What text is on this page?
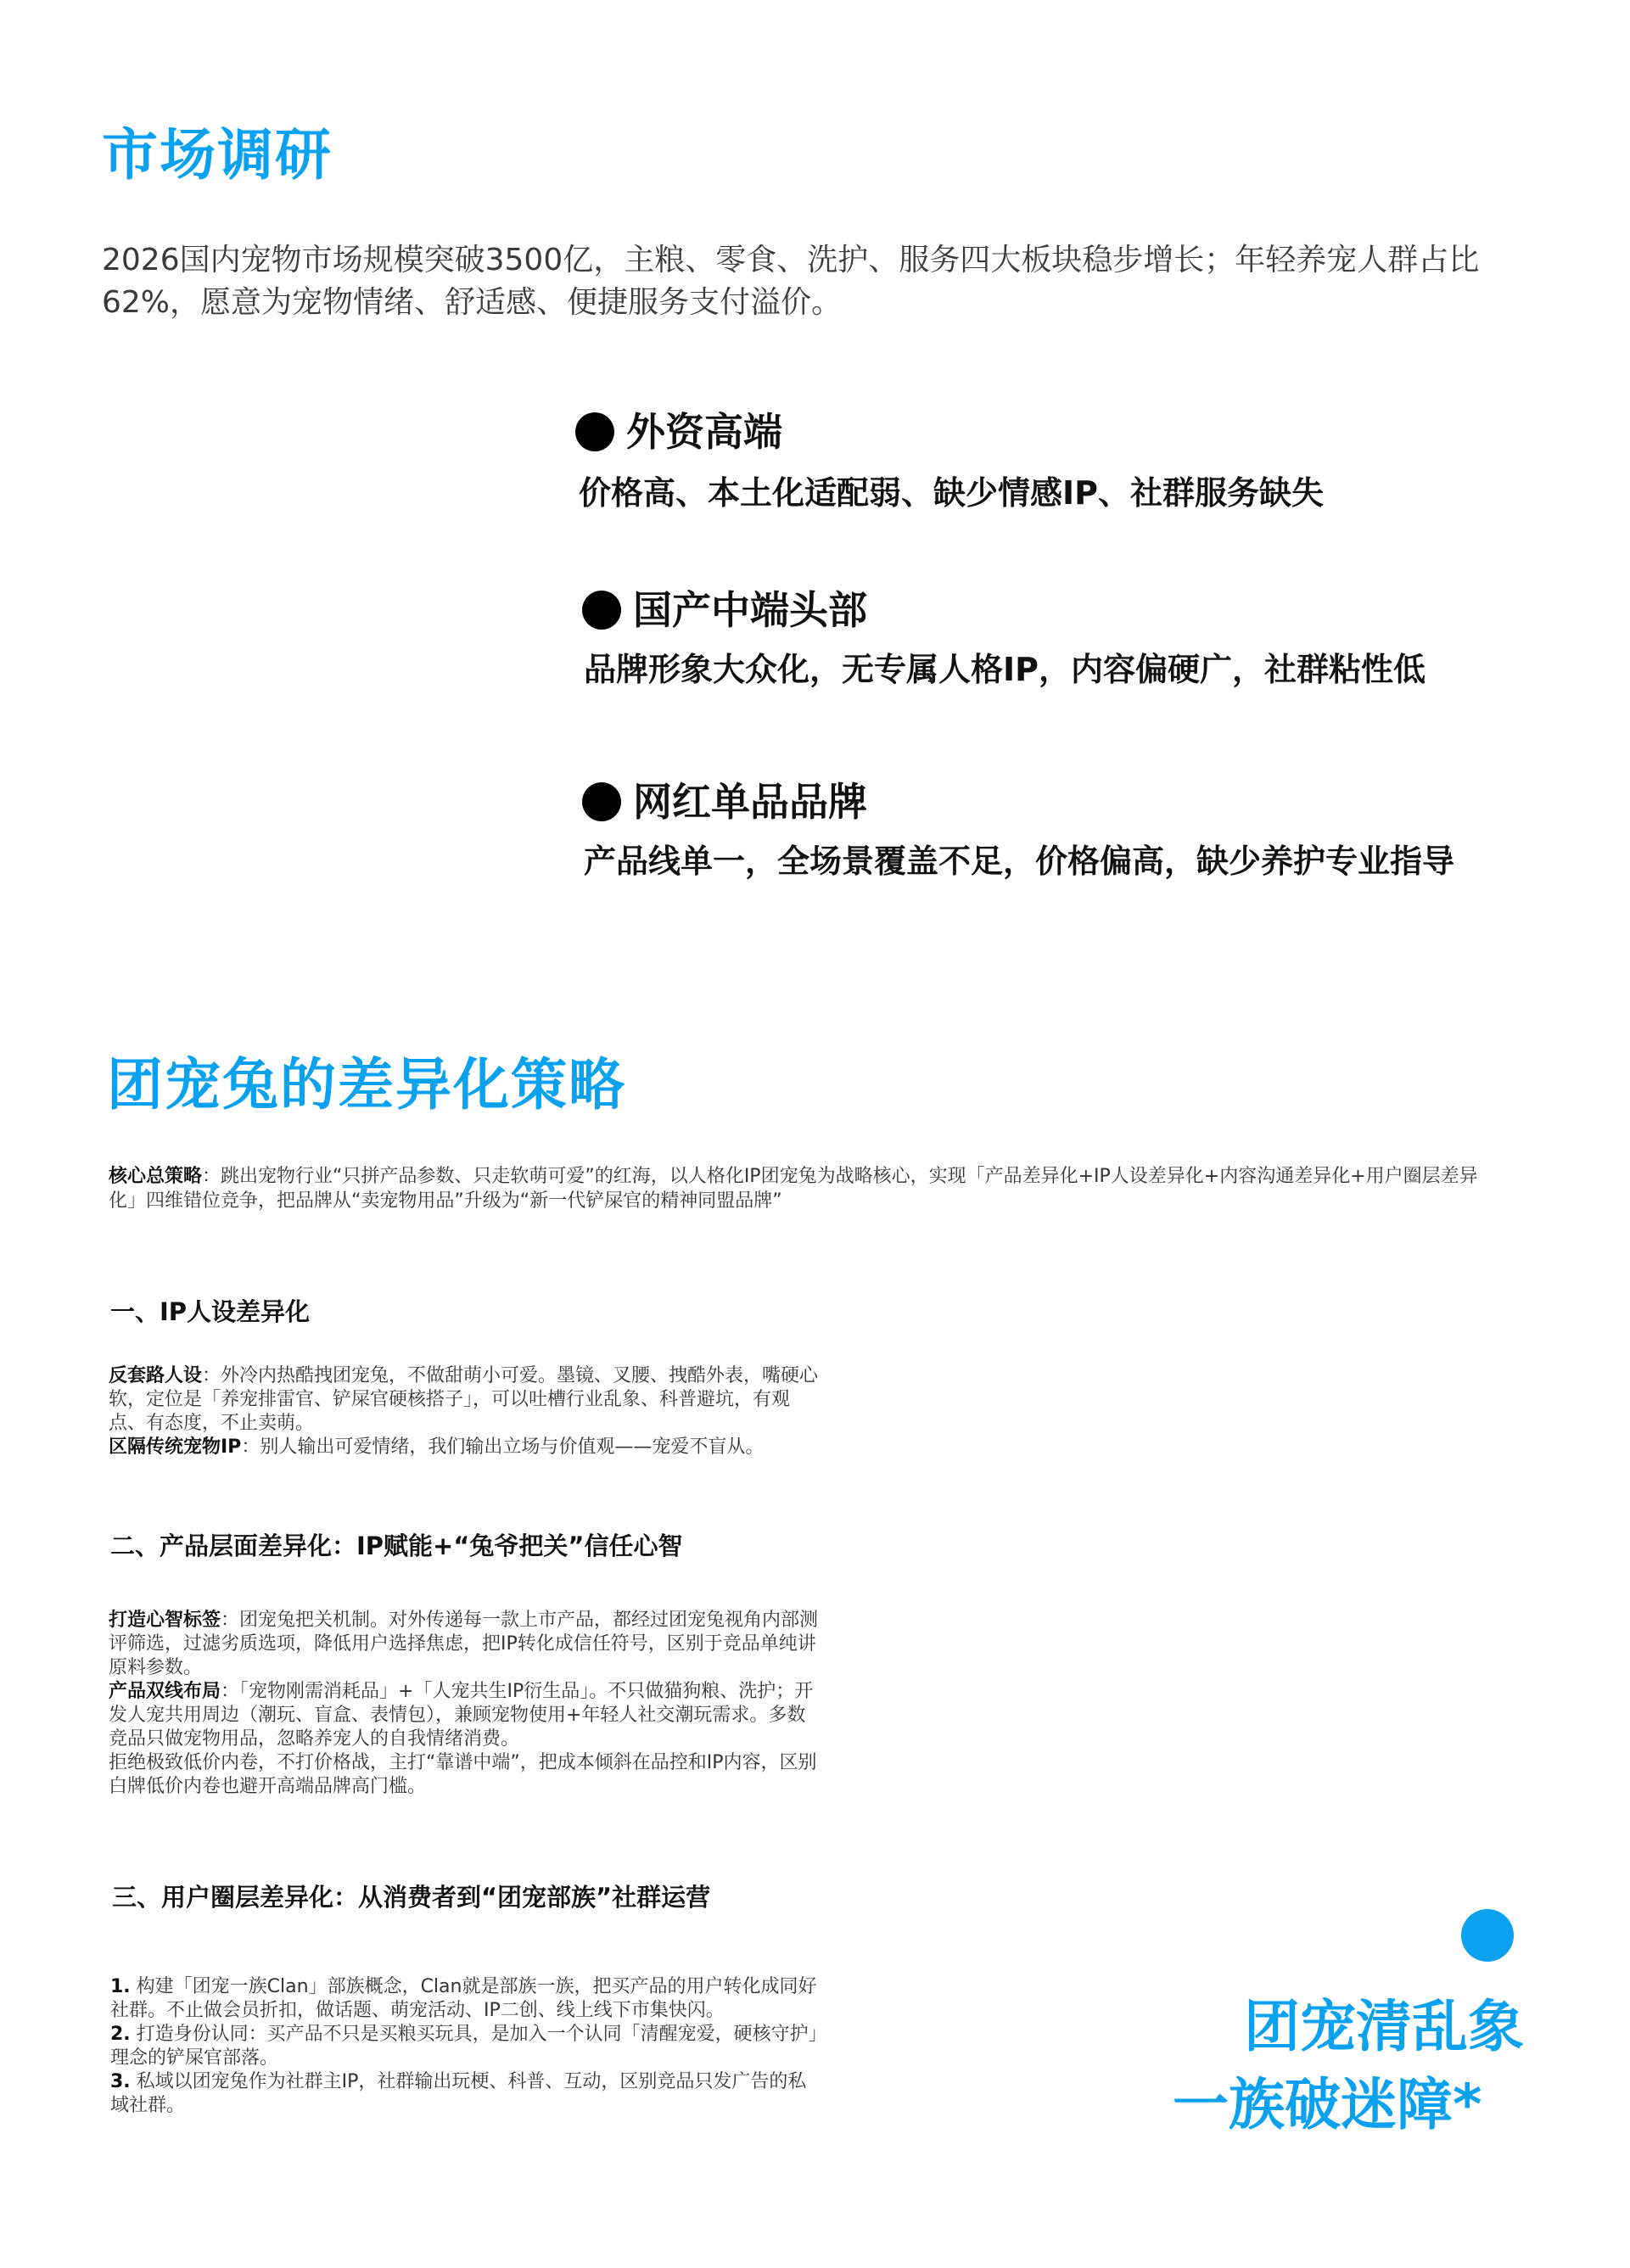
市场调研
2026国内宠物市场规模突破3500亿，主粮、零食、洗护、服务四大板块稳步增长；年轻养宠人群占比62%，愿意为宠物情绪、舒适感、便捷服务支付溢价。
外资高端
价格高、本土化适配弱、缺少情感IP、社群服务缺失
国产中端头部
品牌形象大众化，无专属人格IP，内容偏硬广，社群粘性低
网红单品品牌
产品线单一，全场景覆盖不足，价格偏高，缺少养护专业指导
团宠兔的差异化策略
核心总策略：跳出宠物行业“只拼产品参数、只走软萌可爱”的红海，以人格化IP团宠兔为战略核心，实现「产品差异化+IP人设差异化+内容沟通差异化+用户圈层差异化」四维错位竞争，把品牌从“卖宠物用品”升级为“新一代铲屎官的精神同盟品牌”
一、IP人设差异化
反套路人设：外冷内热酷拽团宠兔，不做甜萌小可爱。墨镜、叉腰、拽酷外表，嘴硬心软，定位是「养宠排雷官、铲屎官硬核搭子」，可以吐槽行业乱象、科普避坑，有观点、有态度，不止卖萌。
区隔传统宠物IP：别人输出可爱情绪，我们输出立场与价值观——宠爱不盲从。
二、产品层面差异化：IP赋能+“兔爷把关”信任心智
打造心智标签：团宠兔把关机制。对外传递每一款上市产品，都经过团宠兔视角内部测评筛选，过滤劣质选项，降低用户选择焦虑，把IP转化成信任符号，区别于竞品单纯讲原料参数。
产品双线布局：「宠物刚需消耗品」+「人宠共生IP衍生品」。不只做猫狗粮、洗护；开发人宠共用周边（潮玩、盲盒、表情包），兼顾宠物使用+年轻人社交潮玩需求。多数竞品只做宠物用品，忽略养宠人的自我情绪消费。
拒绝极致低价内卷，不打价格战，主打“靠谱中端”，把成本倾斜在品控和IP内容，区别白牌低价内卷也避开高端品牌高门槛。
三、用户圈层差异化：从消费者到“团宠部族”社群运营
1. 构建「团宠一族Clan」部族概念，Clan就是部族一族，把买产品的用户转化成同好社群。不止做会员折扣，做话题、萌宠活动、IP二创、线上线下市集快闪。
2. 打造身份认同：买产品不只是买粮买玩具，是加入一个认同「清醒宠爱，硬核守护」理念的铲屎官部落。
3. 私域以团宠兔作为社群主IP，社群输出玩梗、科普、互动，区别竞品只发广告的私域社群。
团宠清乱象
一族破迷障*
